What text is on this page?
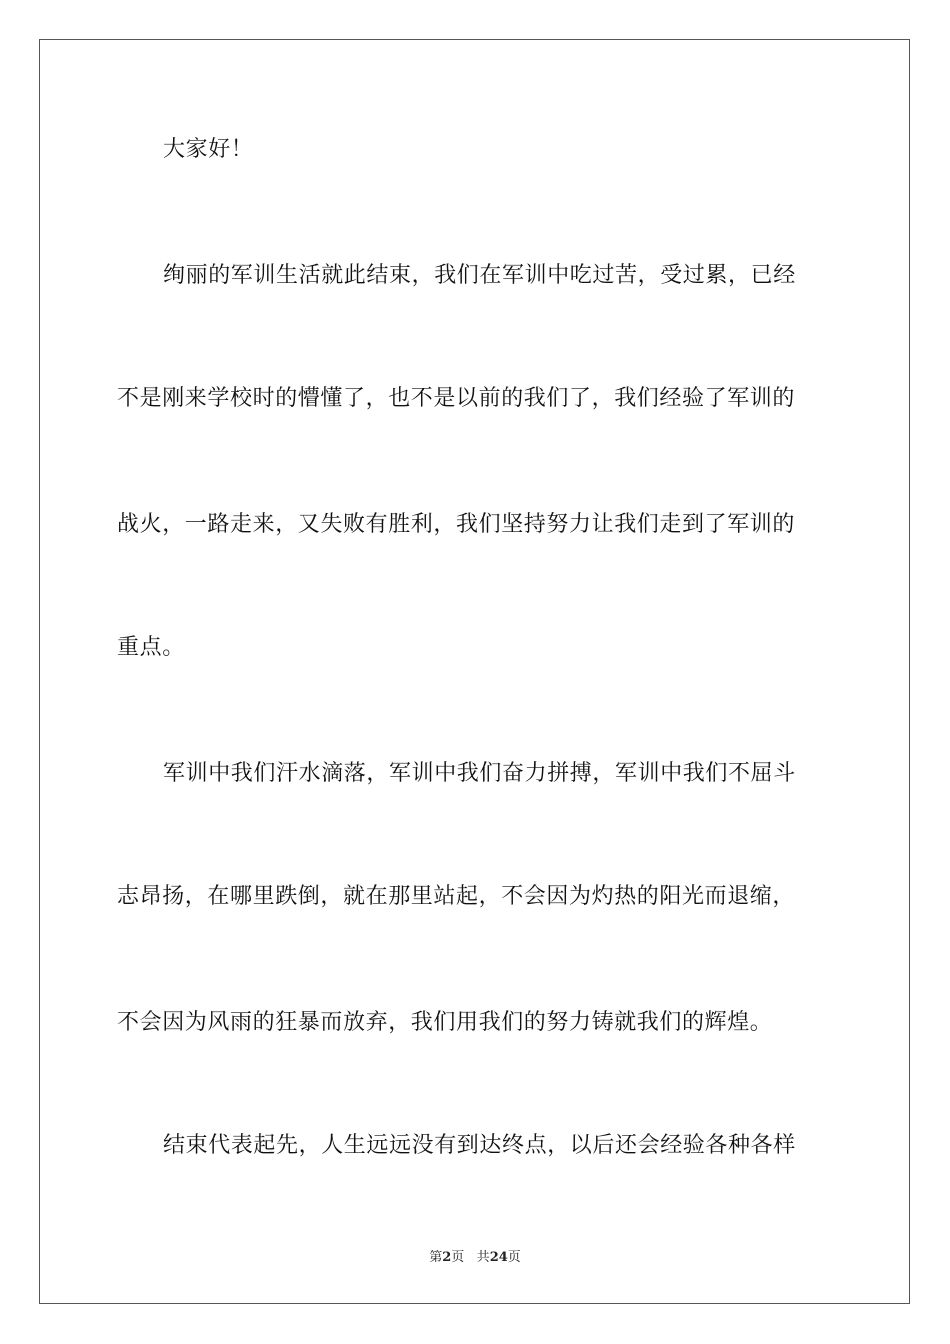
大家好！
绚丽的军训生活就此结束，我们在军训中吃过苦，受过累，已经
不是刚来学校时的懵懂了，也不是以前的我们了，我们经验了军训的
战火，一路走来，又失败有胜利，我们坚持努力让我们走到了军训的
重点。
军训中我们汗水滴落，军训中我们奋力拼搏，军训中我们不屈斗
志昂扬，在哪里跌倒，就在那里站起，不会因为灼热的阳光而退缩，
不会因为风雨的狂暴而放弃，我们用我们的努力铸就我们的辉煌。
结束代表起先，人生远远没有到达终点，以后还会经验各种各样
第2页 共24页
